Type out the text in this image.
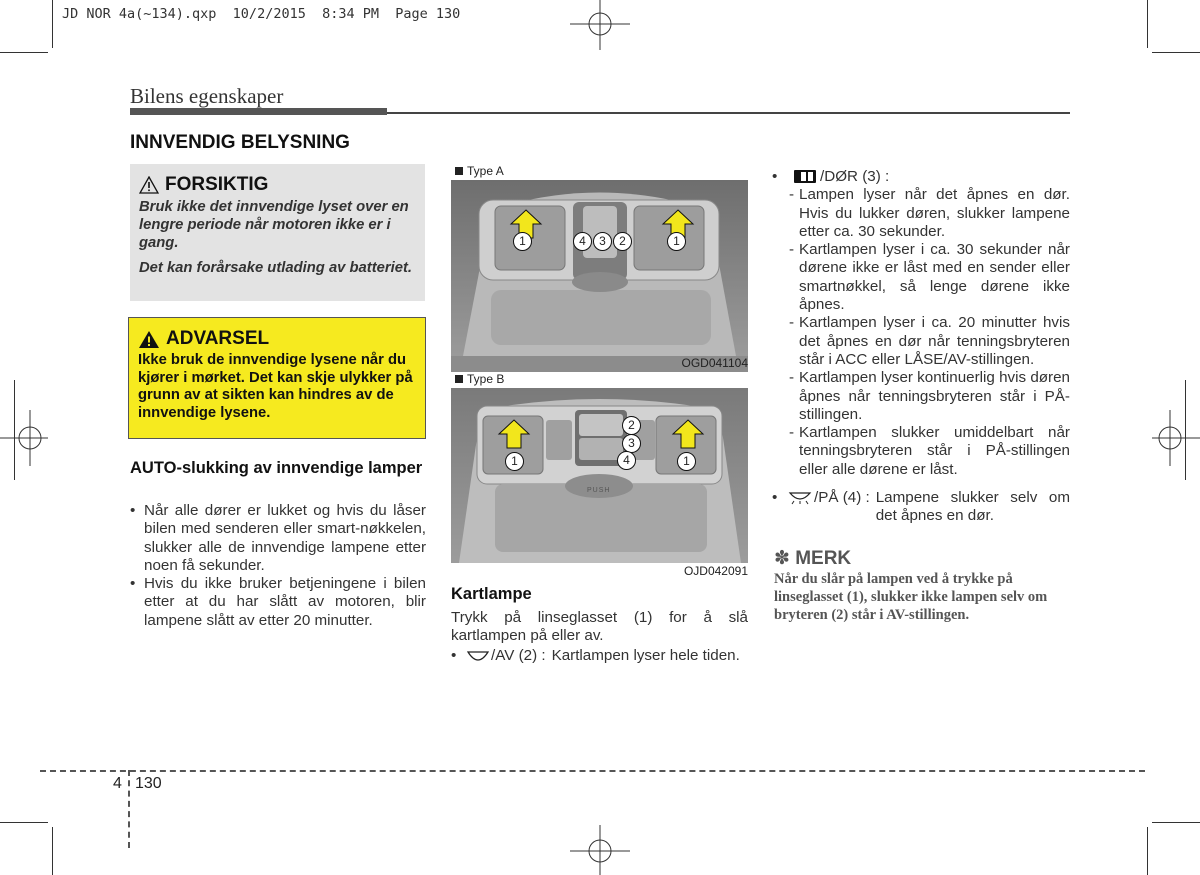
JD NOR 4a(~134).qxp  10/2/2015  8:34 PM  Page 130
Bilens egenskaper
INNVENDIG BELYSNING
FORSIKTIG

Bruk ikke det innvendige lyset over en lengre periode når motoren ikke er i gang.

Det kan forårsake utlading av batteriet.

ADVARSEL
Ikke bruk de innvendige lysene når du kjører i mørket. Det kan skje ulykker på grunn av at sikten kan hindres av de innvendige lysene.
AUTO-slukking av innvendige lamper
• Når alle dører er lukket og hvis du låser bilen med senderen eller smart-nøkkelen, slukker alle de innvendige lampene etter noen få sekunder.
• Hvis du ikke bruker betjeningene i bilen etter at du har slått av motoren, blir lampene slått av etter 20 minutter.
Type A
1	4	3	2	1
OGD041104
Type B
PUSH
1
2
3
4	1
OJD042091
Kartlampe
Trykk på linseglasset (1) for å slå kartlampen på eller av.
•	/AV (2) : Kartlampen lyser hele tiden.
•	/DØR (3) :
- Lampen lyser når det åpnes en dør. Hvis du lukker døren, slukker lampene etter ca. 30 sekunder.
- Kartlampen lyser i ca. 30 sekunder når dørene ikke er låst med en sender eller smartnøkkel, så lenge dørene ikke åpnes.
- Kartlampen lyser i ca. 20 minutter hvis det åpnes en dør når tenningsbryteren står i ACC eller LÅSE/AV-stillingen.
- Kartlampen lyser kontinuerlig hvis døren åpnes når tenningsbryteren står i PÅ-stillingen.
- Kartlampen slukker umiddelbart når tenningsbryteren står i PÅ-stillingen eller alle dørene er låst.
•	/PÅ (4) : Lampene slukker selv om det åpnes en dør.
✽ MERK
Når du slår på lampen ved å trykke på linseglasset (1), slukker ikke lampen selv om bryteren (2) står i AV-stillingen.
4 130
